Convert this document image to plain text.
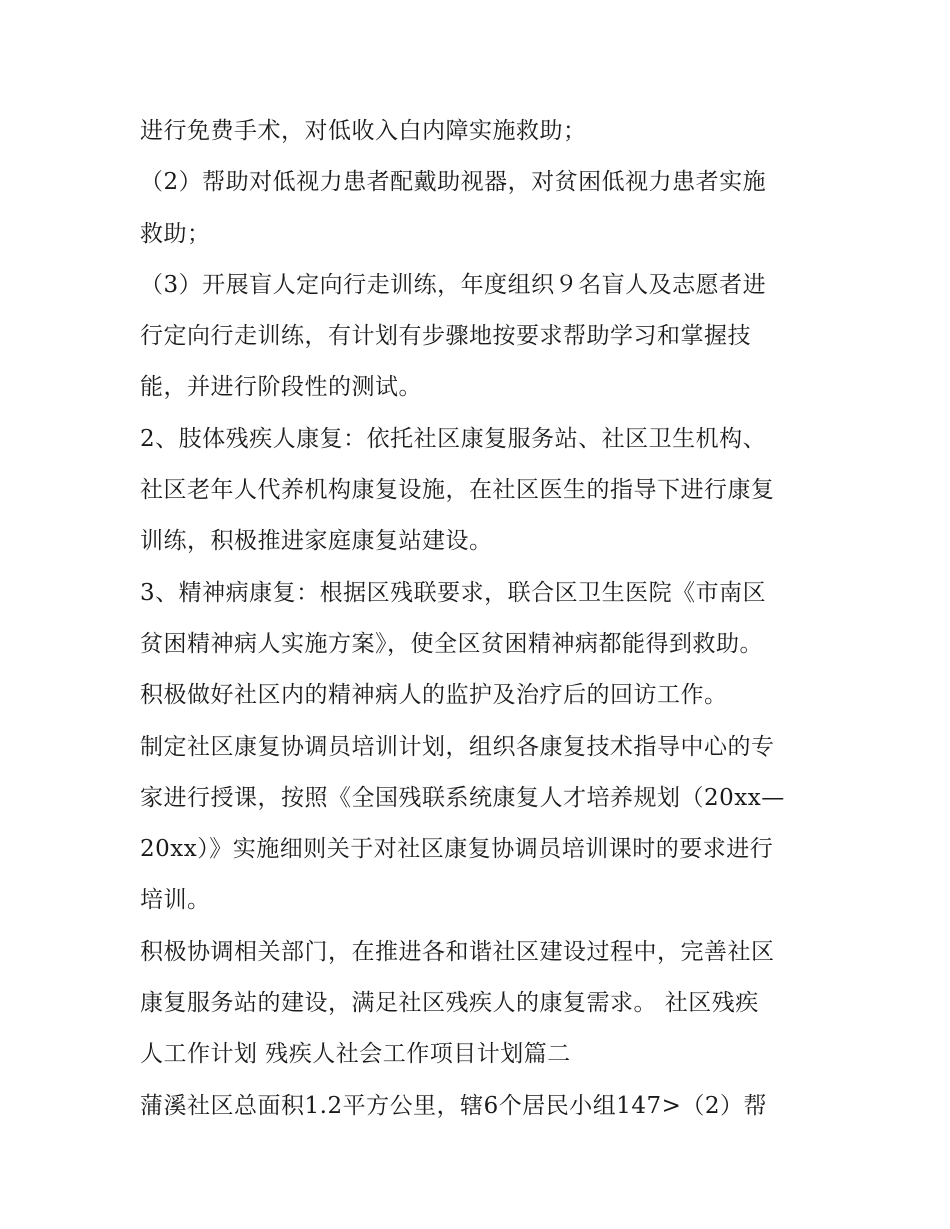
进行免费手术，对低收入白内障实施救助；
（2）帮助对低视力患者配戴助视器，对贫困低视力患者实施
救助；
（3）开展盲人定向行走训练，年度组织９名盲人及志愿者进
行定向行走训练，有计划有步骤地按要求帮助学习和掌握技
能，并进行阶段性的测试。
2、肢体残疾人康复：依托社区康复服务站、社区卫生机构、
社区老年人代养机构康复设施，在社区医生的指导下进行康复
训练，积极推进家庭康复站建设。
3、精神病康复：根据区残联要求，联合区卫生医院《市南区
贫困精神病人实施方案》，使全区贫困精神病都能得到救助。
积极做好社区内的精神病人的监护及治疗后的回访工作。
制定社区康复协调员培训计划，组织各康复技术指导中心的专
家进行授课，按照《全国残联系统康复人才培养规划（20xx—
20xx）》实施细则关于对社区康复协调员培训课时的要求进行
培训。
积极协调相关部门，在推进各和谐社区建设过程中，完善社区
康复服务站的建设，满足社区残疾人的康复需求。 社区残疾
人工作计划 残疾人社会工作项目计划篇二
蒲溪社区总面积1.2平方公里，辖6个居民小组147>（2）帮
